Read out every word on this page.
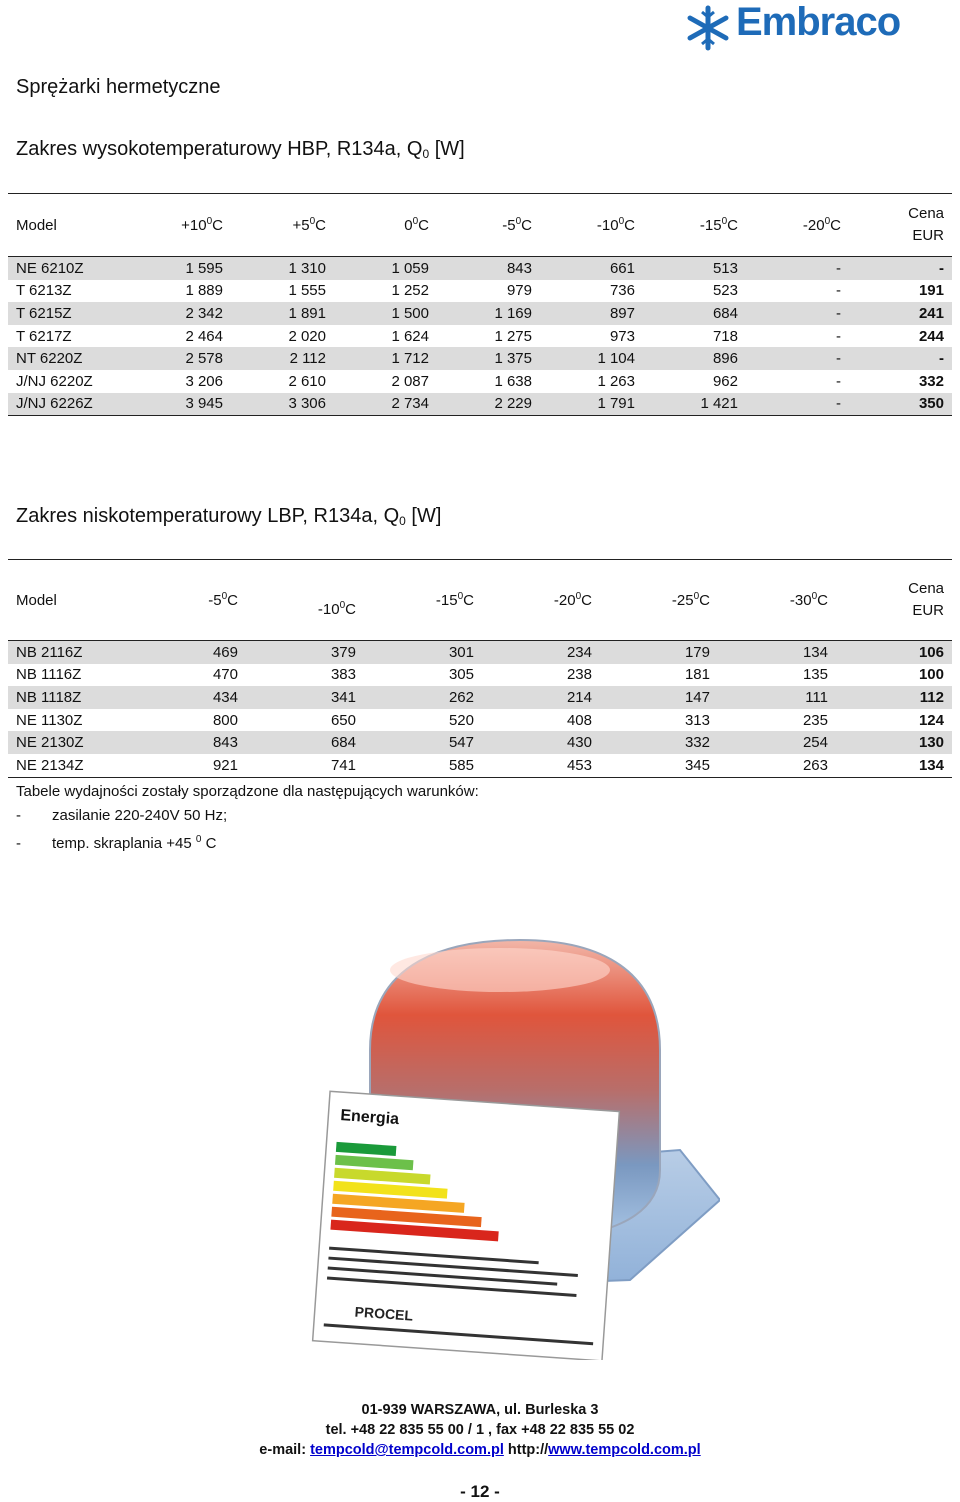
Embraco
Sprężarki hermetyczne
Zakres wysokotemperaturowy HBP, R134a, $Q_0$ [W]
Model	$+10^0C$	$+5^0C$	$0^0C$	$-5^0C$	$-10^0C$	$-15^0C$	$-20^0C$	Cena
EUR

NE 6210Z	1 595	1 310	1 059	843	661	513	-	-
T 6213Z	1 889	1 555	1 252	979	736	523	-	191
T 6215Z	2 342	1 891	1 500	1 169	897	684	-	241
T 6217Z	2 464	2 020	1 624	1 275	973	718	-	244
NT 6220Z	2 578	2 112	1 712	1 375	1 104	896	-	-
J/NJ 6220Z	3 206	2 610	2 087	1 638	1 263	962	-	332
J/NJ 6226Z	3 945	3 306	2 734	2 229	1 791	1 421	-	350
Zakres niskotemperaturowy LBP, R134a, $Q_0$ [W]
Model	$-5^0C$	$-10^0C$	$-15^0C$	$-20^0C$	$-25^0C$	$-30^0C$	Cena
EUR

NB 2116Z	469	379	301	234	179	134	106
NB 1116Z	470	383	305	238	181	135	100
NB 1118Z	434	341	262	214	147	111	112
NE 1130Z	800	650	520	408	313	235	124
NE 2130Z	843	684	547	430	332	254	130
NE 2134Z	921	741	585	453	345	263	134
Tabele wydajności zostały sporządzone dla następujących warunków:
- zasilanie 220-240V 50 Hz;
- temp. skraplania +45 $^0$ C
Energia
PROCEL
01-939 WARSZAWA, ul. Burleska 3
tel. +48 22 835 55 00 / 1 , fax +48 22 835 55 02
e-mail: tempcold@tempcold.com.pl http://www.tempcold.com.pl
- 12 -
